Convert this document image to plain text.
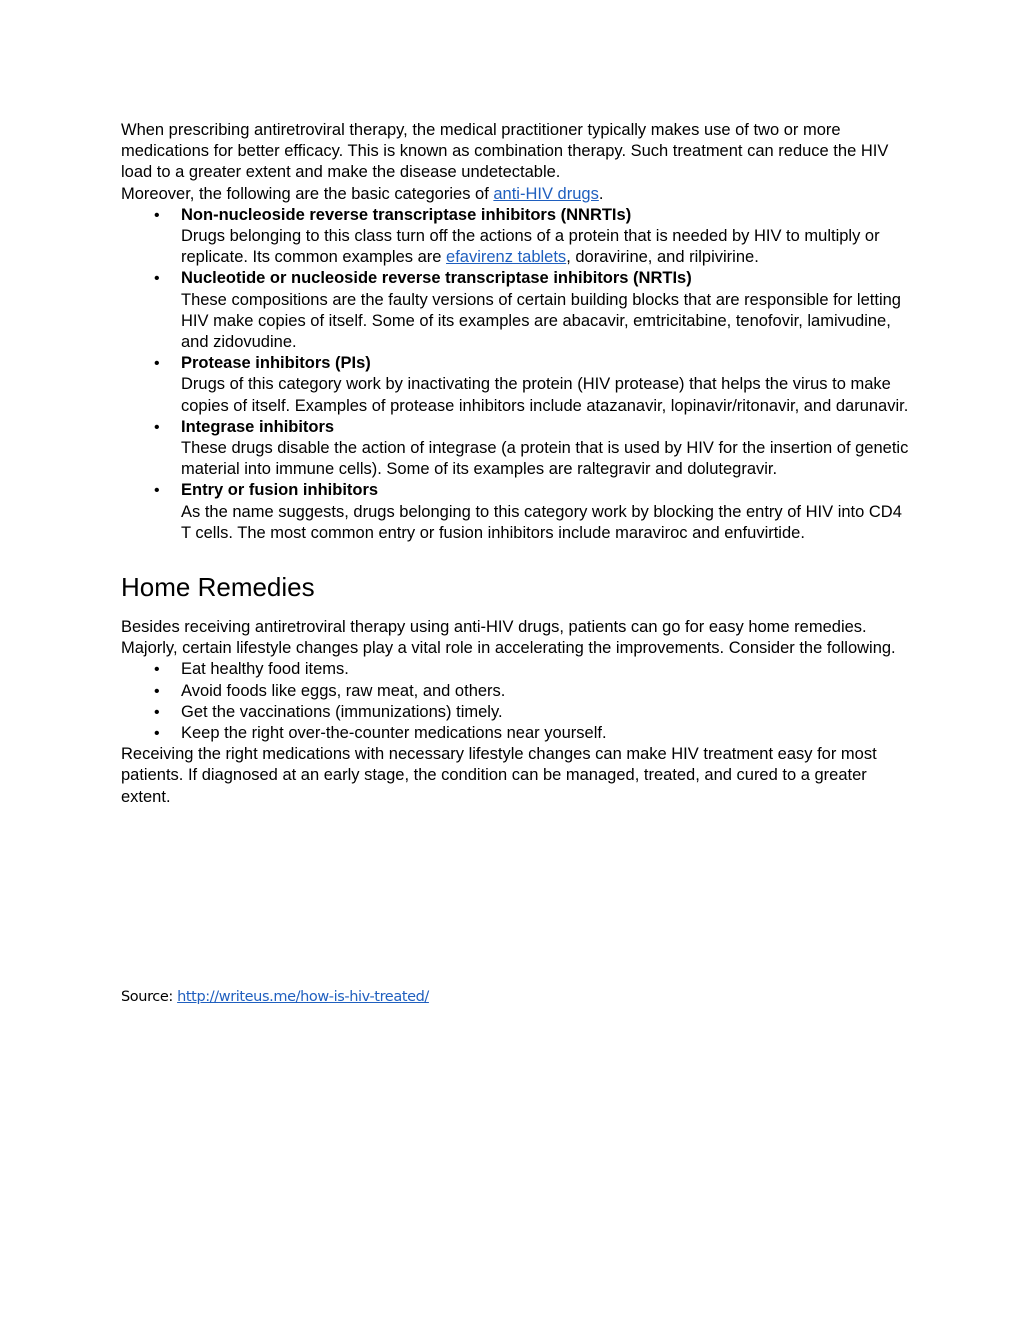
When prescribing antiretroviral therapy, the medical practitioner typically makes use of two or more medications for better efficacy. This is known as combination therapy. Such treatment can reduce the HIV load to a greater extent and make the disease undetectable.

Moreover, the following are the basic categories of anti-HIV drugs.

• Non-nucleoside reverse transcriptase inhibitors (NNRTIs)
Drugs belonging to this class turn off the actions of a protein that is needed by HIV to multiply or replicate. Its common examples are efavirenz tablets, doravirine, and rilpivirine.
• Nucleotide or nucleoside reverse transcriptase inhibitors (NRTIs)
These compositions are the faulty versions of certain building blocks that are responsible for letting HIV make copies of itself. Some of its examples are abacavir, emtricitabine, tenofovir, lamivudine, and zidovudine.
• Protease inhibitors (PIs)
Drugs of this category work by inactivating the protein (HIV protease) that helps the virus to make copies of itself. Examples of protease inhibitors include atazanavir, lopinavir/ritonavir, and darunavir.
• Integrase inhibitors
These drugs disable the action of integrase (a protein that is used by HIV for the insertion of genetic material into immune cells). Some of its examples are raltegravir and dolutegravir.
• Entry or fusion inhibitors
As the name suggests, drugs belonging to this category work by blocking the entry of HIV into CD4 T cells. The most common entry or fusion inhibitors include maraviroc and enfuvirtide.
Home Remedies

Besides receiving antiretroviral therapy using anti-HIV drugs, patients can go for easy home remedies. Majorly, certain lifestyle changes play a vital role in accelerating the improvements. Consider the following.

• Eat healthy food items.
• Avoid foods like eggs, raw meat, and others.
• Get the vaccinations (immunizations) timely.
• Keep the right over-the-counter medications near yourself.

Receiving the right medications with necessary lifestyle changes can make HIV treatment easy for most patients. If diagnosed at an early stage, the condition can be managed, treated, and cured to a greater extent.

Source: http://writeus.me/how-is-hiv-treated/
